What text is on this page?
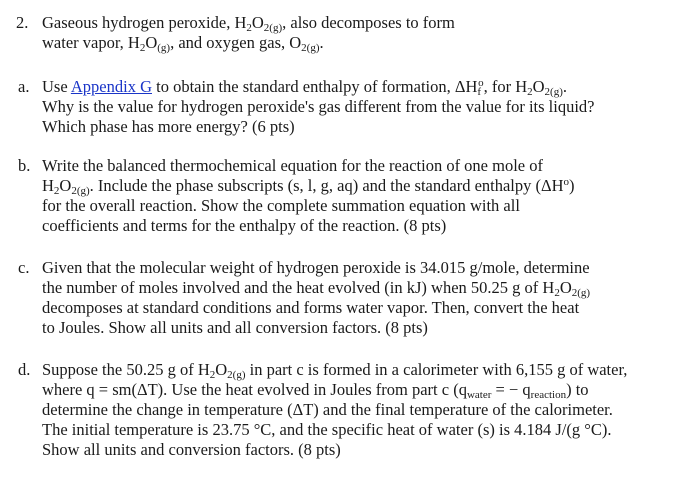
2. Gaseous hydrogen peroxide, $H_2O_{2(g)}$, also decomposes to form
water vapor, $H_2O_{(g)}$, and oxygen gas, $O_{2(g)}$.
a. Use Appendix G to obtain the standard enthalpy of formation, $\Delta H_f^o$, for $H_2O_{2(g)}$.
Why is the value for hydrogen peroxide's gas different from the value for its liquid?
Which phase has more energy? (6 pts)
b. Write the balanced thermochemical equation for the reaction of one mole of
$H_2O_{2(g)}$. Include the phase subscripts (s, l, g, aq) and the standard enthalpy $(\Delta H^o)$
for the overall reaction. Show the complete summation equation with all
coefficients and terms for the enthalpy of the reaction. (8 pts)
c. Given that the molecular weight of hydrogen peroxide is 34.015 g/mole, determine
the number of moles involved and the heat evolved (in kJ) when 50.25 g of $H_2O_{2(g)}$
decomposes at standard conditions and forms water vapor. Then, convert the heat
to Joules. Show all units and all conversion factors. (8 pts)
d. Suppose the 50.25 g of $H_2O_{2(g)}$ in part c is formed in a calorimeter with 6,155 g of water,
where q = sm(ΔT). Use the heat evolved in Joules from part c ($q_{water}$ = − $q_{reaction}$) to
determine the change in temperature (ΔT) and the final temperature of the calorimeter.
The initial temperature is 23.75 °C, and the specific heat of water (s) is 4.184 J/(g °C).
Show all units and conversion factors. (8 pts)
